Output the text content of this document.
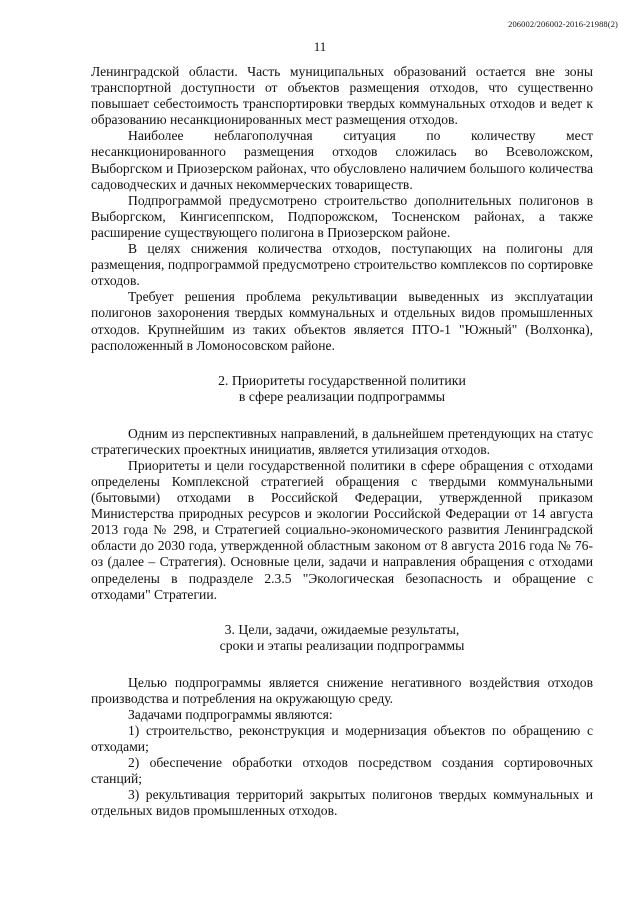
206002/206002-2016-21988(2)
11

Ленинградской области. Часть муниципальных образований остается вне зоны транспортной доступности от объектов размещения отходов, что существенно повышает себестоимость транспортировки твердых коммунальных отходов и ведет к образованию несанкционированных мест размещения отходов.

Наиболее неблагополучная ситуация по количеству мест несанкционированного размещения отходов сложилась во Всеволожском, Выборгском и Приозерском районах, что обусловлено наличием большого количества садоводческих и дачных некоммерческих товариществ.

Подпрограммой предусмотрено строительство дополнительных полигонов в Выборгском, Кингисеппском, Подпорожском, Тосненском районах, а также расширение существующего полигона в Приозерском районе.

В целях снижения количества отходов, поступающих на полигоны для размещения, подпрограммой предусмотрено строительство комплексов по сортировке отходов.

Требует решения проблема рекультивации выведенных из эксплуатации полигонов захоронения твердых коммунальных и отдельных видов промышленных отходов. Крупнейшим из таких объектов является ПТО-1 "Южный" (Волхонка), расположенный в Ломоносовском районе.

2. Приоритеты государственной политики
в сфере реализации подпрограммы

Одним из перспективных направлений, в дальнейшем претендующих на статус стратегических проектных инициатив, является утилизация отходов.

Приоритеты и цели государственной политики в сфере обращения с отходами определены Комплексной стратегией обращения с твердыми коммунальными (бытовыми) отходами в Российской Федерации, утвержденной приказом Министерства природных ресурсов и экологии Российской Федерации от 14 августа 2013 года № 298, и Стратегией социально-экономического развития Ленинградской области до 2030 года, утвержденной областным законом от 8 августа 2016 года № 76-оз (далее – Стратегия). Основные цели, задачи и направления обращения с отходами определены в подразделе 2.3.5 "Экологическая безопасность и обращение с отходами" Стратегии.

3. Цели, задачи, ожидаемые результаты,
сроки и этапы реализации подпрограммы

Целью подпрограммы является снижение негативного воздействия отходов производства и потребления на окружающую среду.

Задачами подпрограммы являются:

1) строительство, реконструкция и модернизация объектов по обращению с отходами;

2) обеспечение обработки отходов посредством создания сортировочных станций;

3) рекультивация территорий закрытых полигонов твердых коммунальных и отдельных видов промышленных отходов.
